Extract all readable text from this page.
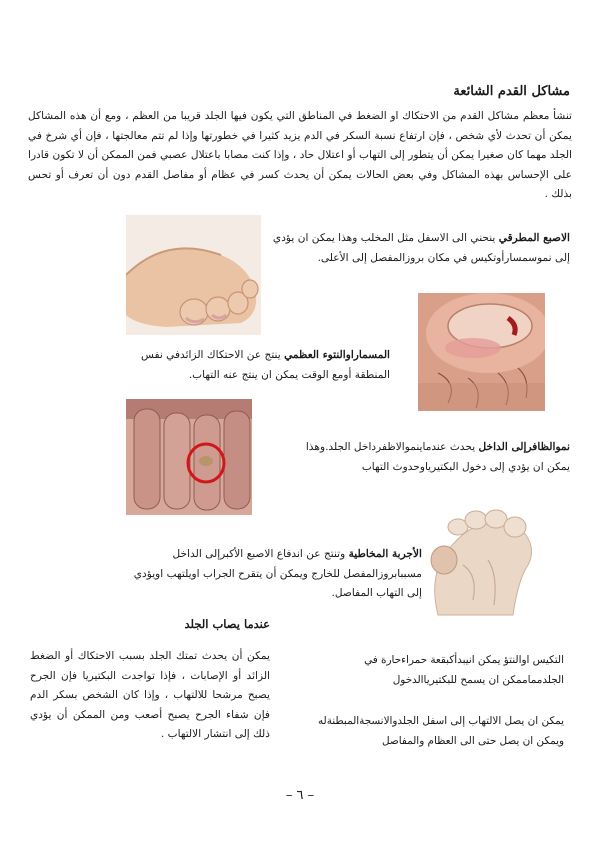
مشاكل القدم الشائعة
تنشأ معظم مشاكل القدم من الاحتكاك او الضغط في المناطق التي يكون فيها الجلد قريبا من العظم ، ومع أن هذه المشاكل يمكن أن تحدث لأي شخص ، فإن ارتفاع نسبة السكر في الدم يزيد كثيرا في خطورتها وإذا لم تتم معالجتها ، فإن أي شرخ في الجلد مهما كان صغيرا يمكن أن يتطور إلى التهاب أو اعتلال حاد ، وإذا كنت مصابا باعتلال عصبي فمن الممكن أن لا تكون قادرا على الإحساس بهذه المشاكل وفي بعض الحالات يمكن أن يحدث كسر في عظام أو مفاصل القدم دون أن تعرف أو تحس بذلك .
الاصبع المطرقي ينحني الى الاسفل مثل المخلب وهذا يمكن ان يؤدي إلى نموسمسارأوتكيس في مكان بروزالمفصل إلى الأعلى.
المسماراوالنتوء العظمي ينتج عن الاحتكاك الزائدفي نفس المنطقة أومع الوقت يمكن ان ينتج عنه التهاب.
نموالظافرإلى الداخل يحدث عندماينموالاظفرداخل الجلد.وهذا يمكن ان يؤدي إلى دخول البكتيرياوحدوث التهاب
الأجربة المخاطية وتنتج عن اندفاع الاصبع الأكبرإلى الداخل مسببابروزالمفصل للخارج ويمكن أن يتقرح الجراب اويلتهب اويؤدي إلى التهاب المفاصل.
عندما يصاب الجلد
يمكن أن يحدث تمتك الجلد بسبب الاحتكاك أو الضغط الزائد أو الإصابات ، فإذا تواجدت البكتيريا فإن الجرح يصبح مرشحا للالتهاب ، وإذا كان الشخص بسكر الدم فإن شفاء الجرح يصبح أصعب ومن الممكن أن يؤدي ذلك إلى انتشار الالتهاب .
التكيس اوالنتؤ يمكن انيبدأكبقعة حمراءحارة في الجلدمماممكن ان يسمح للبكتيرياالدخول
يمكن ان يصل الالتهاب إلى اسفل الجلدوالانسجةالمبطنةله ويمكن ان يصل حتى الى العظام والمفاصل
– ٦ –
